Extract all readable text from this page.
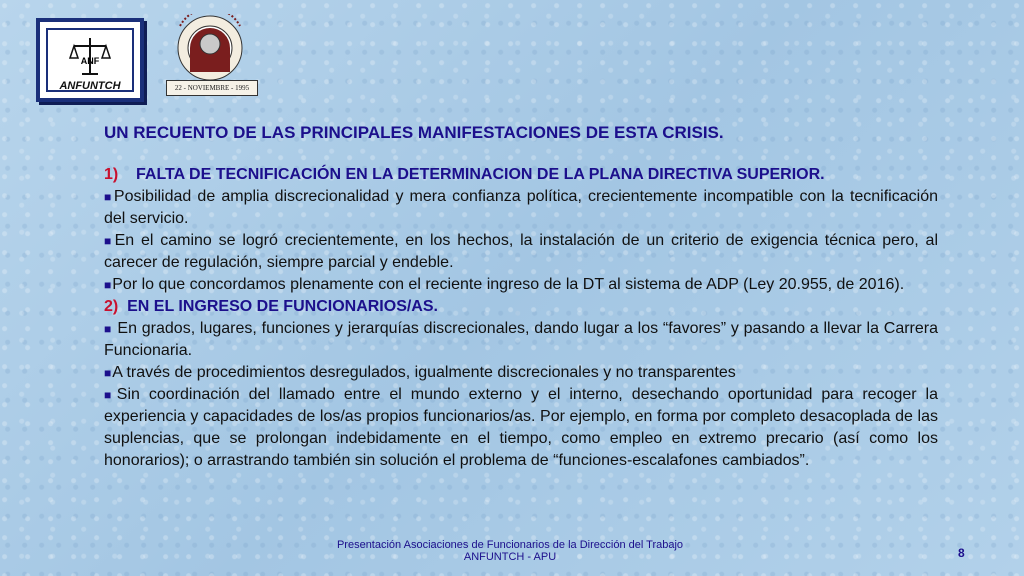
ANF
ANFUNTCH	22 - NOVIEMBRE - 1995
UN RECUENTO DE LAS PRINCIPALES MANIFESTACIONES DE ESTA CRISIS.
1) FALTA DE TECNIFICACIÓN EN LA DETERMINACION DE LA PLANA DIRECTIVA SUPERIOR.
■Posibilidad de amplia discrecionalidad y mera confianza política, crecientemente incompatible con la tecnificación del servicio.
■En el camino se logró crecientemente, en los hechos, la instalación de un criterio de exigencia técnica pero, al carecer de regulación, siempre parcial y endeble.
■Por lo que concordamos plenamente con el reciente ingreso de la DT al sistema de ADP (Ley 20.955, de 2016).
2) EN EL INGRESO DE FUNCIONARIOS/AS.
■ En grados, lugares, funciones y jerarquías discrecionales, dando lugar a los “favores” y pasando a llevar la Carrera Funcionaria.
■A través de procedimientos desregulados, igualmente discrecionales y no transparentes
■Sin coordinación del llamado entre el mundo externo y el interno, desechando oportunidad para recoger la experiencia y capacidades de los/as propios funcionarios/as. Por ejemplo, en forma por completo desacoplada de las suplencias, que se prolongan indebidamente en el tiempo, como empleo en extremo precario (así como los honorarios); o arrastrando también sin solución el problema de “funciones-escalafones cambiados”.
Presentación Asociaciones de Funcionarios de la Dirección del Trabajo
ANFUNTCH - APU	8
